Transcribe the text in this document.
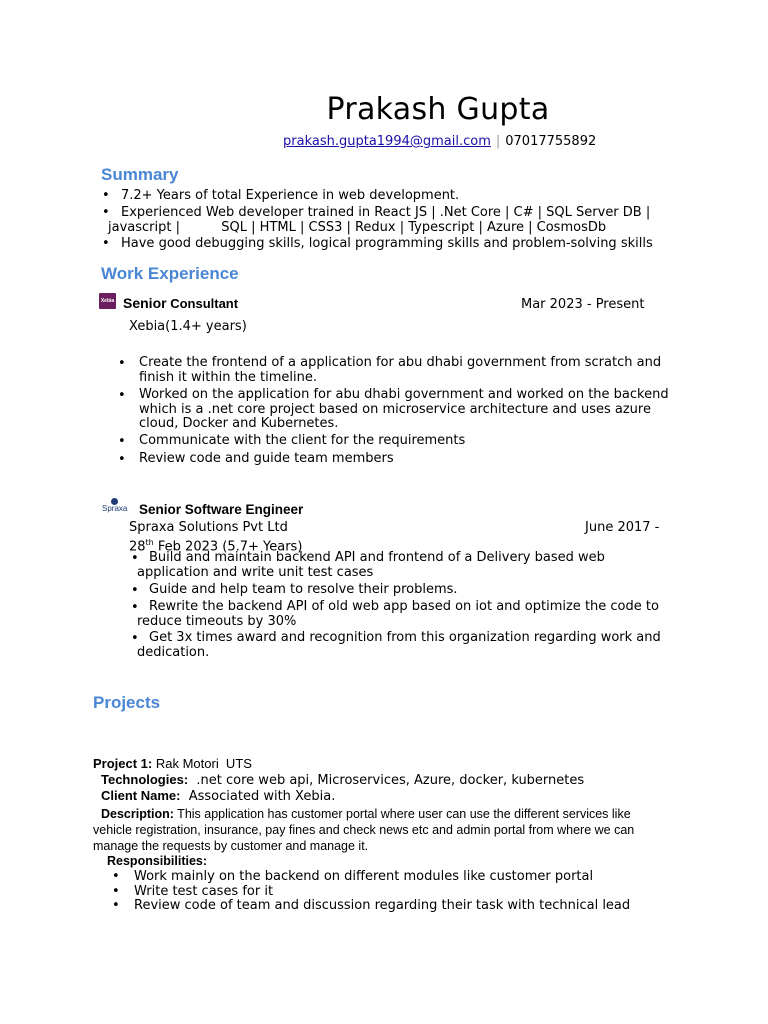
Prakash Gupta
prakash.gupta1994@gmail.com | 07017755892
Summary
• 7.2+ Years of total Experience in web development.
• Experienced Web developer trained in React JS | .Net Core | C# | SQL Server DB |
javascript |          SQL | HTML | CSS3 | Redux | Typescript | Azure | CosmosDb
• Have good debugging skills, logical programming skills and problem-solving skills
Work Experience
Xebia Senior Consultant	Mar 2023 - Present
Xebia(1.4+ years)
• Create the frontend of a application for abu dhabi government from scratch and finish it within the timeline.
• Worked on the application for abu dhabi government and worked on the backend which is a .net core project based on microservice architecture and uses azure cloud, Docker and Kubernetes.
• Communicate with the client for the requirements
• Review code and guide team members
Spraxa Senior Software Engineer
Spraxa Solutions Pvt Ltd	June 2017 -
28th Feb 2023 (5.7+ Years)
• Build and maintain backend API and frontend of a Delivery based web application and write unit test cases
• Guide and help team to resolve their problems.
• Rewrite the backend API of old web app based on iot and optimize the code to reduce timeouts by 30%
• Get 3x times award and recognition from this organization regarding work and dedication.
Projects
Project 1: Rak Motori  UTS
Technologies:  .net core web api, Microservices, Azure, docker, kubernetes
Client Name:  Associated with Xebia.
Description: This application has customer portal where user can use the different services like vehicle registration, insurance, pay fines and check news etc and admin portal from where we can manage the requests by customer and manage it.
Responsibilities:
• Work mainly on the backend on different modules like customer portal
• Write test cases for it
• Review code of team and discussion regarding their task with technical lead
